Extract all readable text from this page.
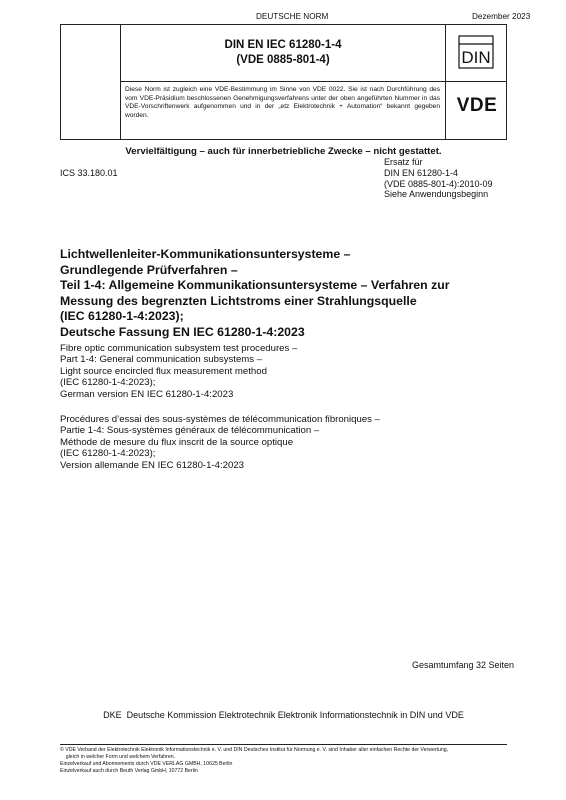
DEUTSCHE NORM	Dezember 2023
DIN EN IEC 61280-1-4
(VDE 0885-801-4)	DIN
VDE
Diese Norm ist zugleich eine VDE-Bestimmung im Sinne von VDE 0022. Sie ist nach Durchführung des vom VDE-Präsidium beschlossenen Genehmigungsverfahrens unter der oben angeführten Nummer in das VDE-Vorschriftenwerk aufgenommen und in der „etz Elektrotechnik + Automation“ bekannt gegeben worden.
Vervielfältigung – auch für innerbetriebliche Zwecke – nicht gestattet.
ICS 33.180.01
Ersatz für
DIN EN 61280-1-4
(VDE 0885-801-4):2010-09
Siehe Anwendungsbeginn
Lichtwellenleiter-Kommunikationsuntersysteme –
Grundlegende Prüfverfahren –
Teil 1-4: Allgemeine Kommunikationsuntersysteme – Verfahren zur
Messung des begrenzten Lichtstroms einer Strahlungsquelle
(IEC 61280-1-4:2023);
Deutsche Fassung EN IEC 61280-1-4:2023
Fibre optic communication subsystem test procedures –
Part 1-4: General communication subsystems –
Light source encircled flux measurement method
(IEC 61280-1-4:2023);
German version EN IEC 61280-1-4:2023
Procédures d’essai des sous-systèmes de télécommunication fibroniques –
Partie 1-4: Sous-systèmes généraux de télécommunication –
Méthode de mesure du flux inscrit de la source optique
(IEC 61280-1-4:2023);
Version allemande EN IEC 61280-1-4:2023
Gesamtumfang 32 Seiten
DKE  Deutsche Kommission Elektrotechnik Elektronik Informationstechnik in DIN und VDE
© VDE Verband der Elektrotechnik Elektronik Informationstechnik e. V. und DIN Deutsches Institut für Normung e. V. sind Inhaber aller einfachen Rechte der Verwertung,
gleich in welcher Form und welchem Verfahren.
Einzelverkauf und Abonnements durch VDE VERLAG GMBH, 10625 Berlin
Einzelverkauf auch durch Beuth Verlag GmbH, 10772 Berlin
